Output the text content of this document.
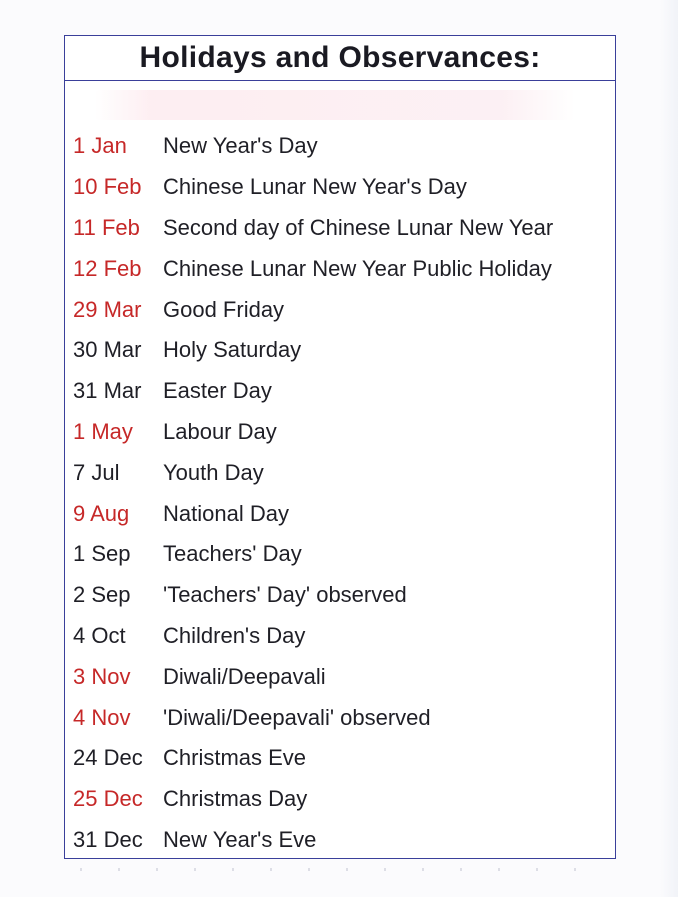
Holidays and Observances:
1 Jan	New Year's Day
10 Feb Chinese Lunar New Year's Day
11 Feb	Second day of Chinese Lunar New Year
12 Feb Chinese Lunar New Year Public Holiday
29 Mar Good Friday
30 Mar Holy Saturday
31 Mar Easter Day
1 May	Labour Day
7 Jul	Youth Day
9 Aug	National Day
1 Sep	Teachers' Day
2 Sep	'Teachers' Day' observed
4 Oct	Children's Day
3 Nov	Diwali/Deepavali
4 Nov	'Diwali/Deepavali' observed
24 Dec Christmas Eve
25 Dec Christmas Day
31 Dec New Year's Eve
